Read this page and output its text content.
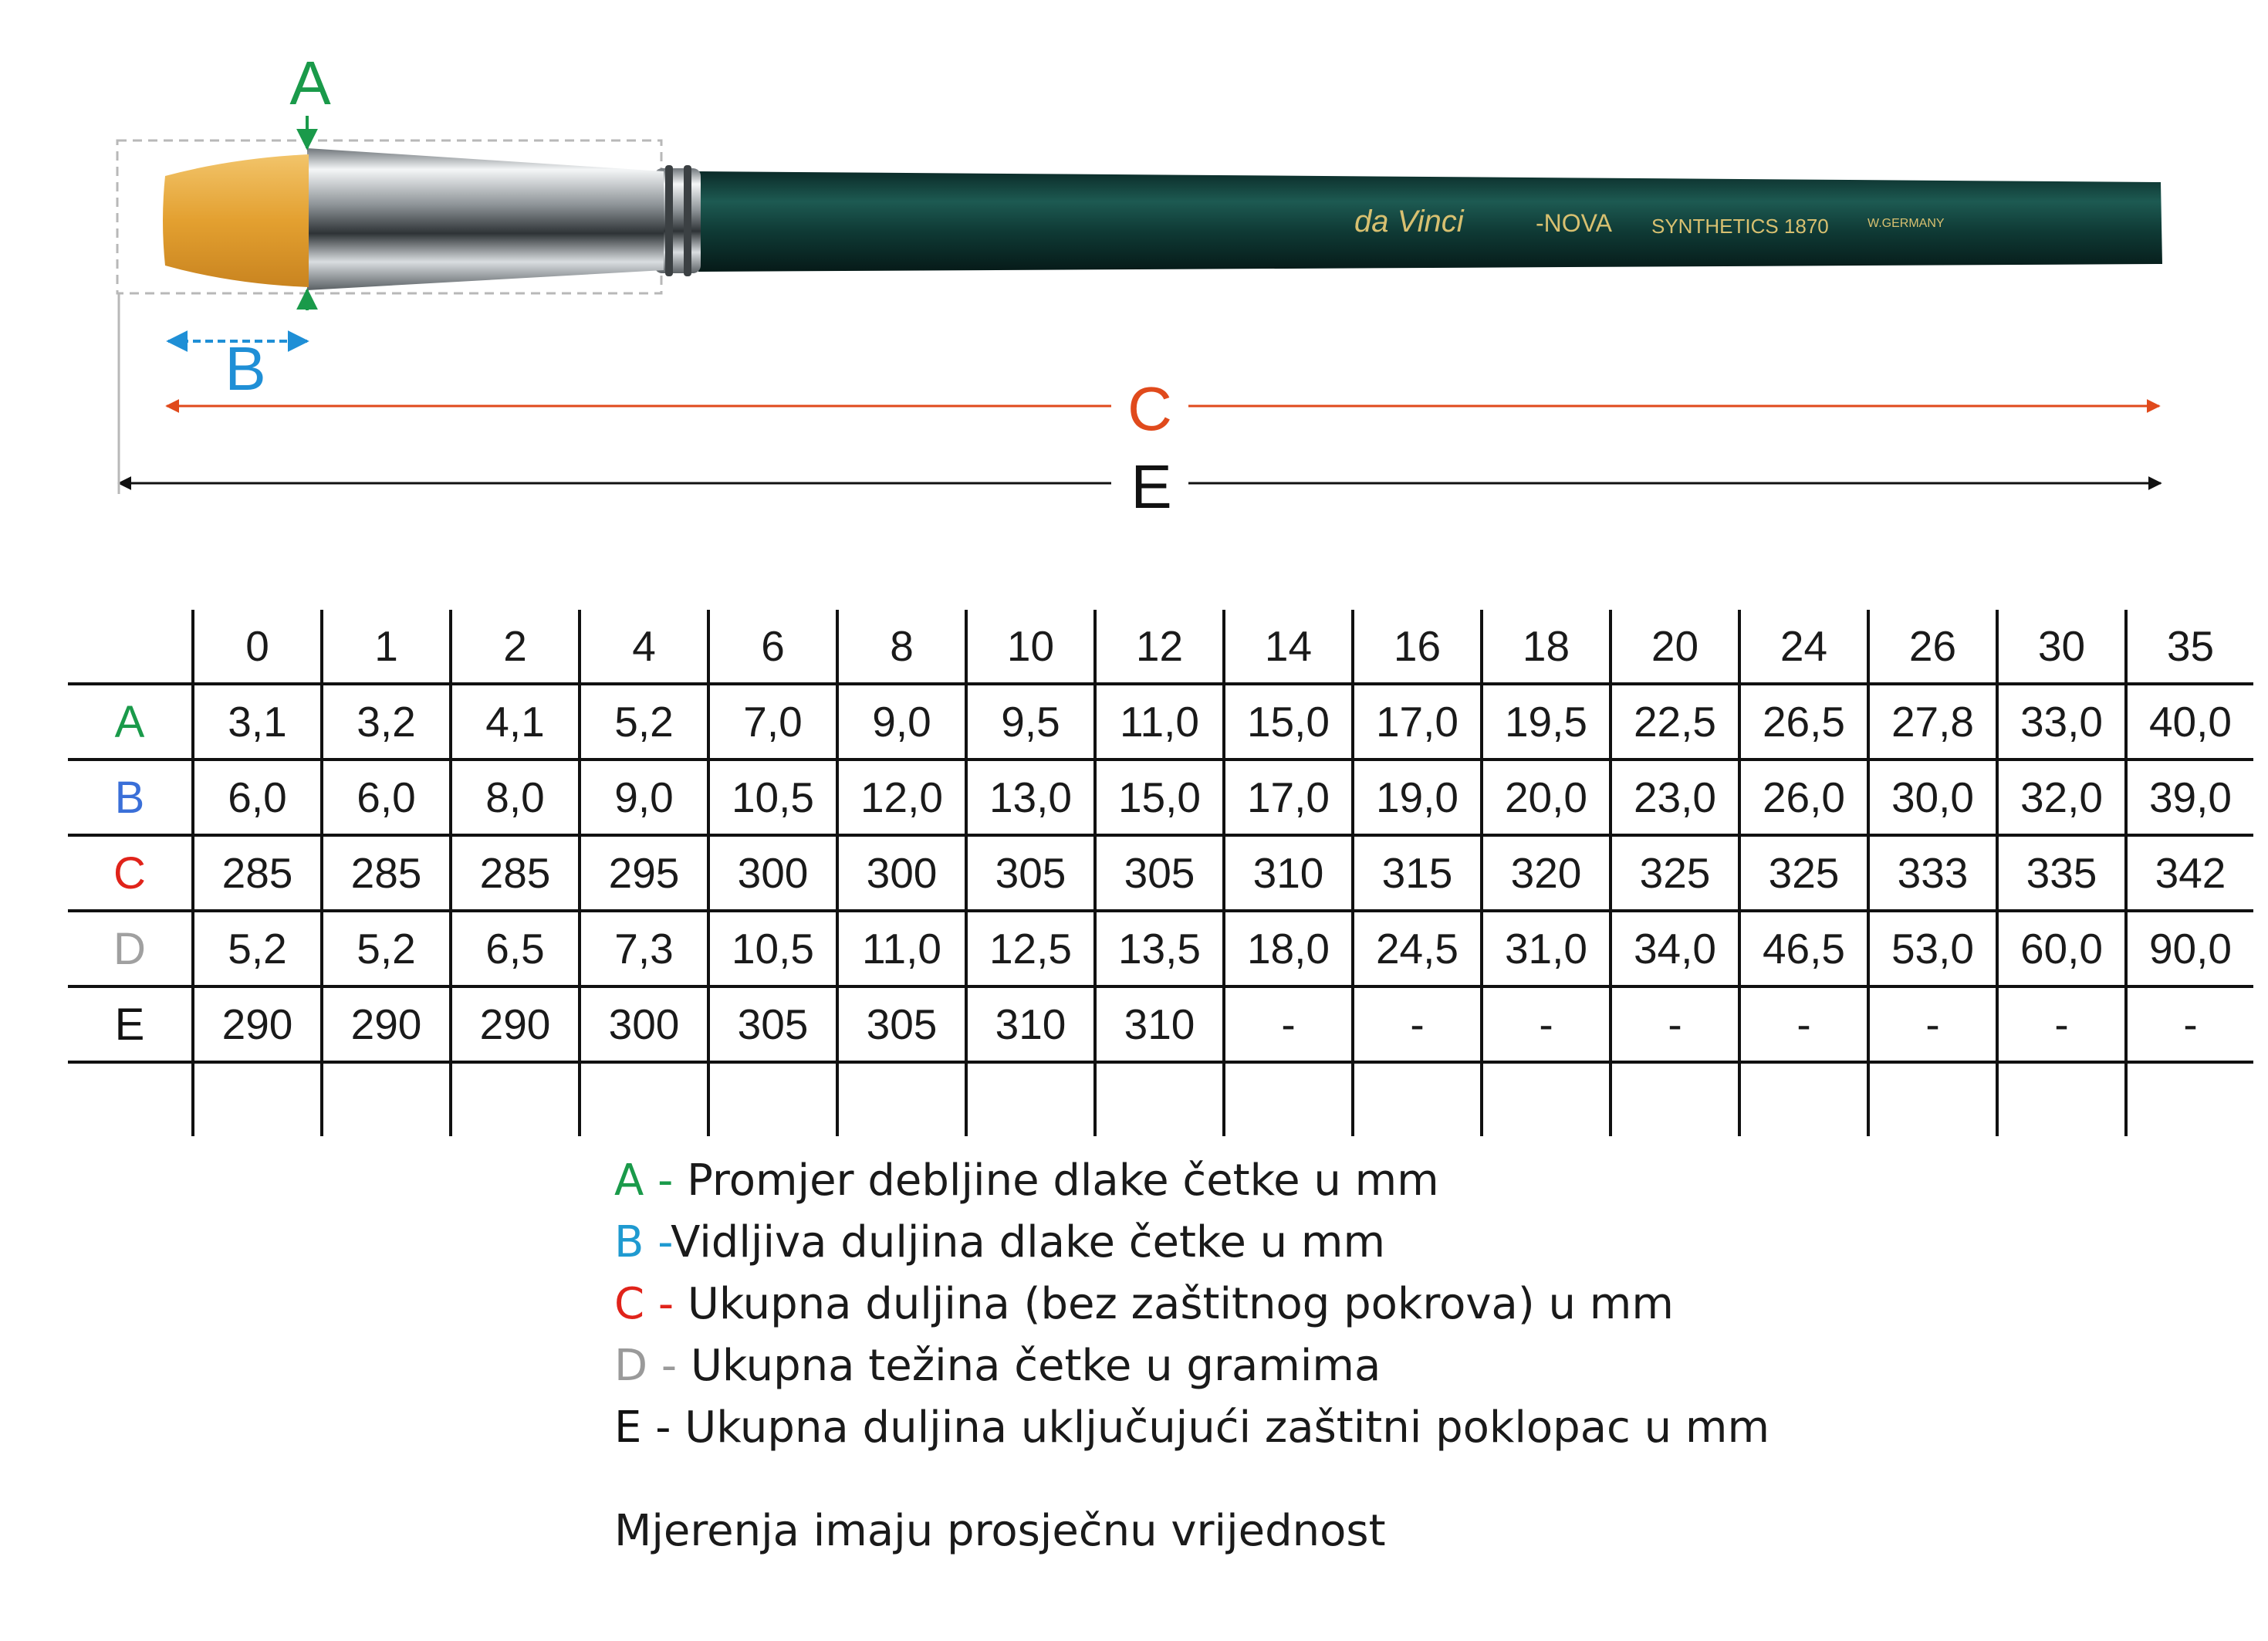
da Vinci	-NOVA SYNTHETICS 1870	W.GERMANY
A
B
C
E
	0	1	2	4	6	8	10	12	14	16	18	20	24	26	30	35
A	3,1	3,2	4,1	5,2	7,0	9,0	9,5	11,0	15,0	17,0	19,5	22,5	26,5	27,8	33,0	40,0
B	6,0	6,0	8,0	9,0	10,5	12,0	13,0	15,0	17,0	19,0	20,0	23,0	26,0	30,0	32,0	39,0
C	285	285	285	295	300	300	305	305	310	315	320	325	325	333	335	342
D	5,2	5,2	6,5	7,3	10,5	11,0	12,5	13,5	18,0	24,5	31,0	34,0	46,5	53,0	60,0	90,0
E	290	290	290	300	305	305	310	310	-	-	-	-	-	-	-	-

A - Promjer debljine dlake četke u mm
B -Vidljiva duljina dlake četke u mm
C - Ukupna duljina (bez zaštitnog pokrova) u mm
D - Ukupna težina četke u gramima
E - Ukupna duljina uključujući zaštitni poklopac u mm
Mjerenja imaju prosječnu vrijednost
